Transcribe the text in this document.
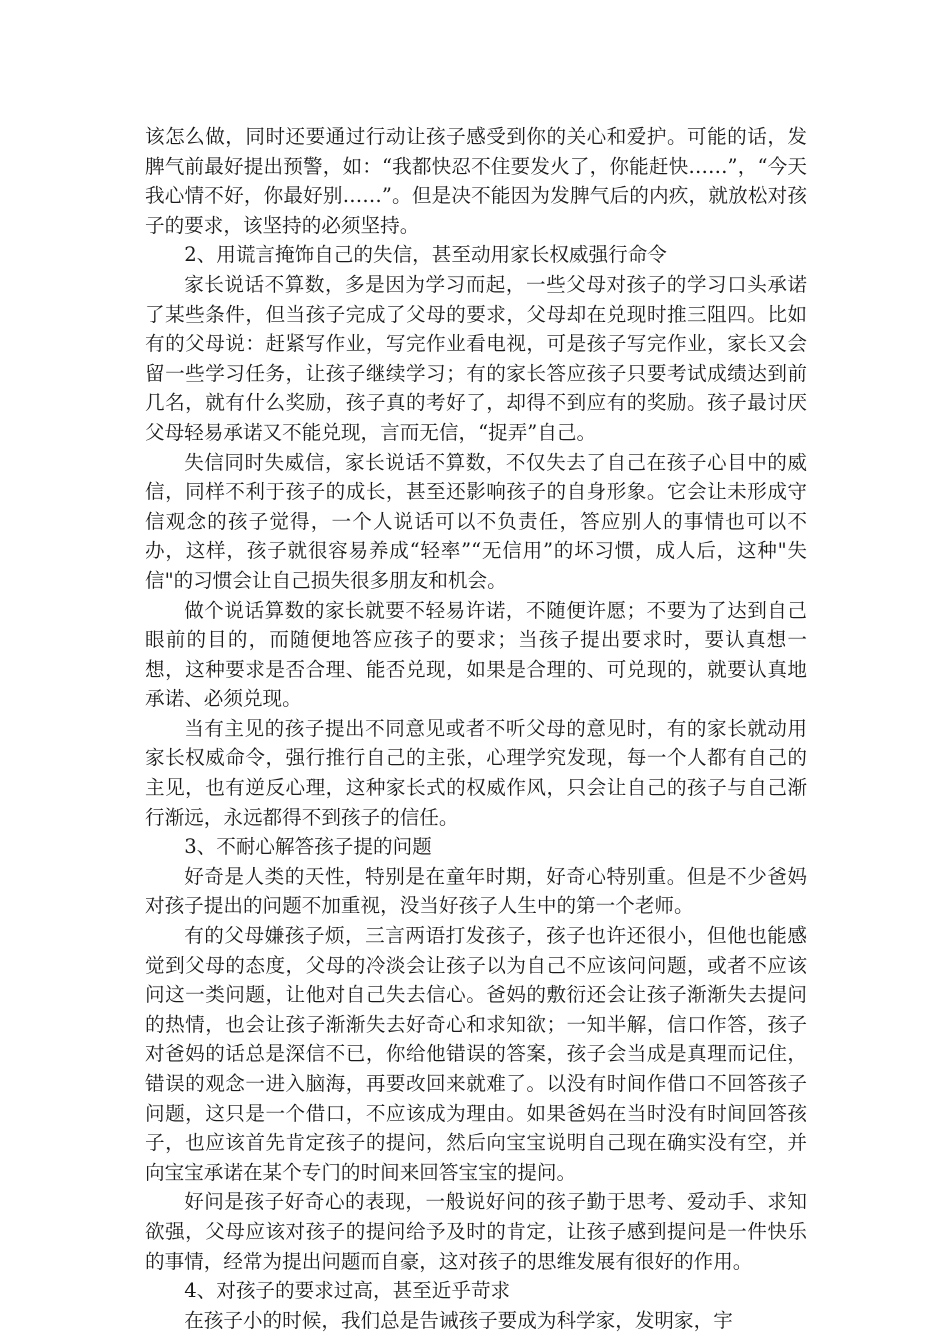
该怎么做，同时还要通过行动让孩子感受到你的关心和爱护。可能的话，发脾气前最好提出预警，如：“我都快忍不住要发火了，你能赶快……”，“今天我心情不好，你最好别……”。但是决不能因为发脾气后的内疚，就放松对孩子的要求，该坚持的必须坚持。

2、用谎言掩饰自己的失信，甚至动用家长权威强行命令

家长说话不算数，多是因为学习而起，一些父母对孩子的学习口头承诺了某些条件，但当孩子完成了父母的要求，父母却在兑现时推三阻四。比如有的父母说：赶紧写作业，写完作业看电视，可是孩子写完作业，家长又会留一些学习任务，让孩子继续学习；有的家长答应孩子只要考试成绩达到前几名，就有什么奖励，孩子真的考好了，却得不到应有的奖励。孩子最讨厌父母轻易承诺又不能兑现，言而无信，“捉弄”自己。

失信同时失威信，家长说话不算数，不仅失去了自己在孩子心目中的威信，同样不利于孩子的成长，甚至还影响孩子的自身形象。它会让未形成守信观念的孩子觉得，一个人说话可以不负责任，答应别人的事情也可以不办，这样，孩子就很容易养成“轻率”“无信用”的坏习惯，成人后，这种"失信"的习惯会让自己损失很多朋友和机会。

做个说话算数的家长就要不轻易许诺，不随便许愿；不要为了达到自己眼前的目的，而随便地答应孩子的要求；当孩子提出要求时，要认真想一想，这种要求是否合理、能否兑现，如果是合理的、可兑现的，就要认真地承诺、必须兑现。

当有主见的孩子提出不同意见或者不听父母的意见时，有的家长就动用家长权威命令，强行推行自己的主张，心理学究发现，每一个人都有自己的主见，也有逆反心理，这种家长式的权威作风，只会让自己的孩子与自己渐行渐远，永远都得不到孩子的信任。

3、不耐心解答孩子提的问题

好奇是人类的天性，特别是在童年时期，好奇心特别重。但是不少爸妈对孩子提出的问题不加重视，没当好孩子人生中的第一个老师。

有的父母嫌孩子烦，三言两语打发孩子，孩子也许还很小，但他也能感觉到父母的态度，父母的冷淡会让孩子以为自己不应该问问题，或者不应该问这一类问题，让他对自己失去信心。爸妈的敷衍还会让孩子渐渐失去提问的热情，也会让孩子渐渐失去好奇心和求知欲；一知半解，信口作答，孩子对爸妈的话总是深信不已，你给他错误的答案，孩子会当成是真理而记住，错误的观念一进入脑海，再要改回来就难了。以没有时间作借口不回答孩子问题，这只是一个借口，不应该成为理由。如果爸妈在当时没有时间回答孩子，也应该首先肯定孩子的提问，然后向宝宝说明自己现在确实没有空，并向宝宝承诺在某个专门的时间来回答宝宝的提问。

好问是孩子好奇心的表现，一般说好问的孩子勤于思考、爱动手、求知欲强，父母应该对孩子的提问给予及时的肯定，让孩子感到提问是一件快乐的事情，经常为提出问题而自豪，这对孩子的思维发展有很好的作用。

4、对孩子的要求过高，甚至近乎苛求

在孩子小的时候，我们总是告诫孩子要成为科学家，发明家，宇
